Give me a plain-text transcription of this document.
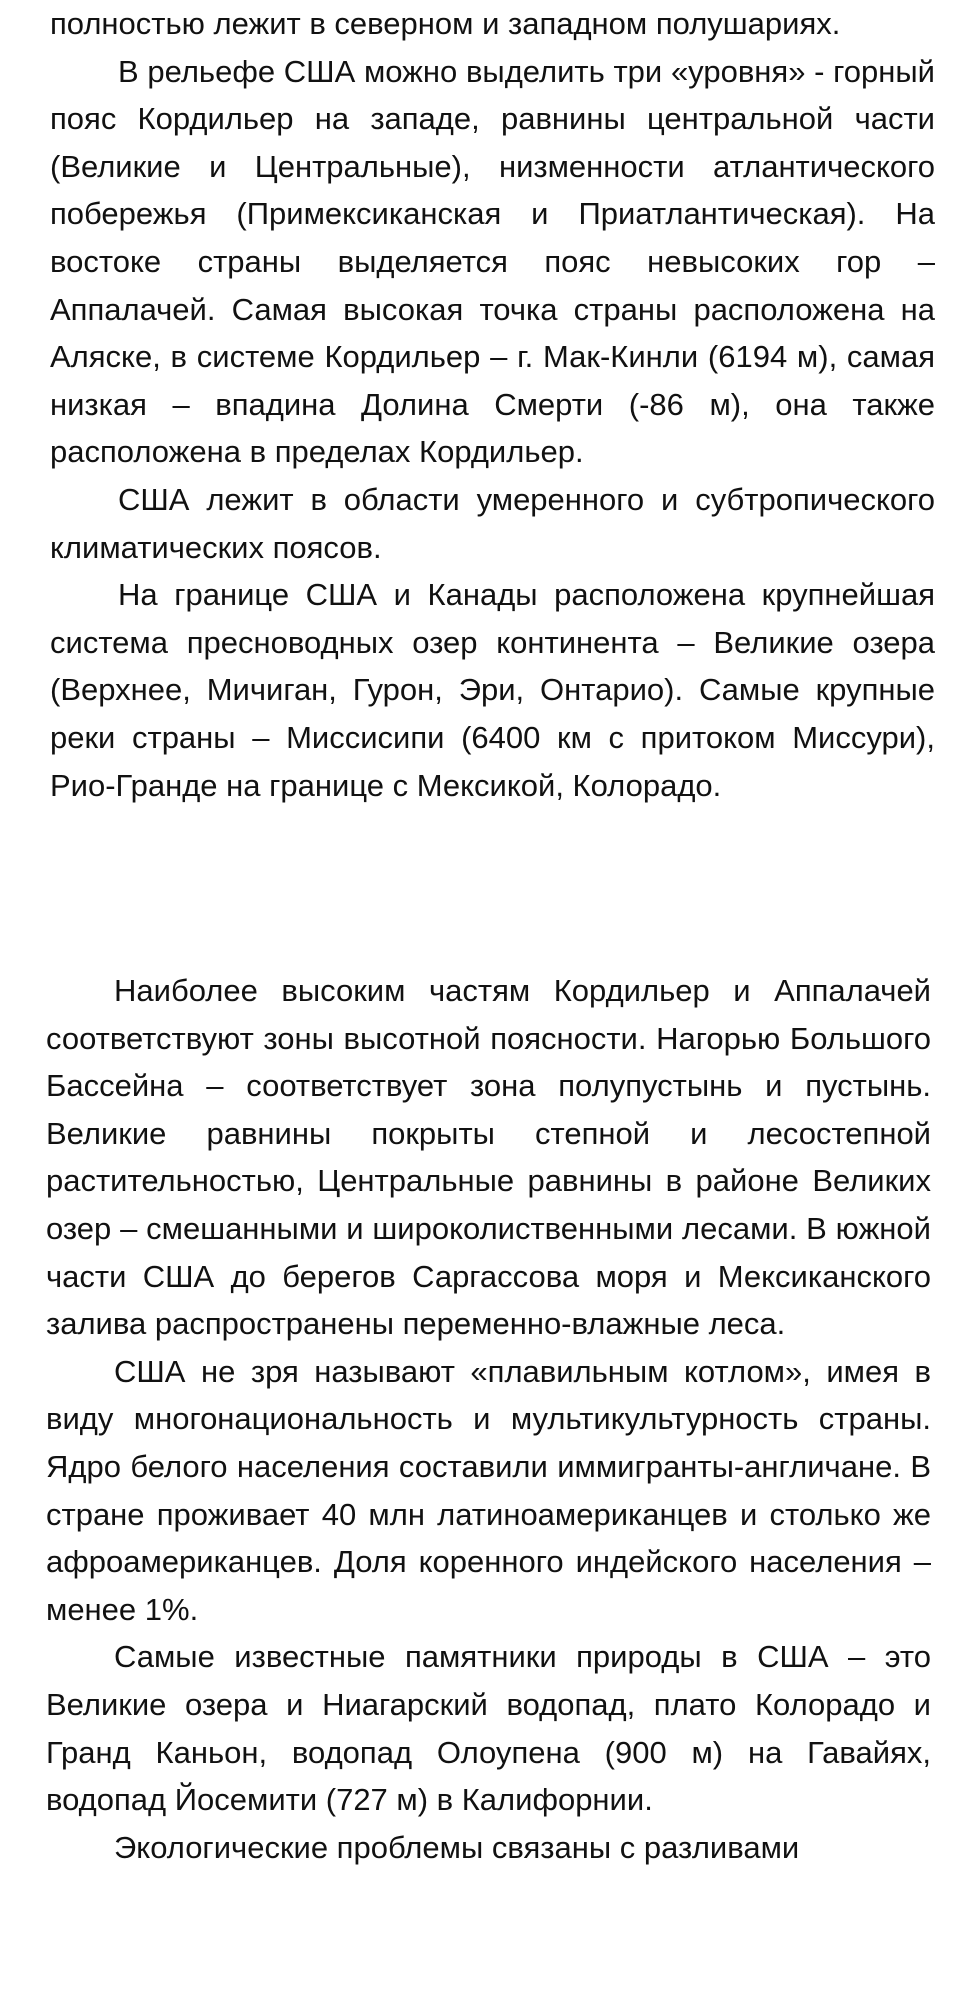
полностью лежит в северном и западном полушариях.

В рельефе США можно выделить три «уровня» - горный пояс Кордильер на западе, равнины центральной части (Великие и Центральные), низменности атлантического побережья (Примексиканская и Приатлантическая). На востоке страны выделяется пояс невысоких гор – Аппалачей. Самая высокая точка страны расположена на Аляске, в системе Кордильер – г. Мак-Кинли (6194 м), самая низкая – впадина Долина Смерти (-86 м), она также расположена в пределах Кордильер.

США лежит в области умеренного и субтропического климатических поясов.

На границе США и Канады расположена крупнейшая система пресноводных озер континента – Великие озера (Верхнее, Мичиган, Гурон, Эри, Онтарио). Самые крупные реки страны – Миссисипи (6400 км с притоком Миссури), Рио-Гранде на границе с Мексикой, Колорадо.

Наиболее высоким частям Кордильер и Аппалачей соответствуют зоны высотной поясности. Нагорью Большого Бассейна – соответствует зона полупустынь и пустынь. Великие равнины покрыты степной и лесостепной растительностью, Центральные равнины в районе Великих озер – смешанными и широколиственными лесами. В южной части США до берегов Саргассова моря и Мексиканского залива распространены переменно-влажные леса.

США не зря называют «плавильным котлом», имея в виду многонациональность и мультикультурность страны. Ядро белого населения составили иммигранты-англичане. В стране проживает 40 млн латиноамериканцев и столько же афроамериканцев. Доля коренного индейского населения – менее 1%.

Самые известные памятники природы в США – это Великие озера и Ниагарский водопад, плато Колорадо и Гранд Каньон, водопад Олоупена (900 м) на Гавайях, водопад Йосемити (727 м) в Калифорнии.

Экологические проблемы связаны с разливами
